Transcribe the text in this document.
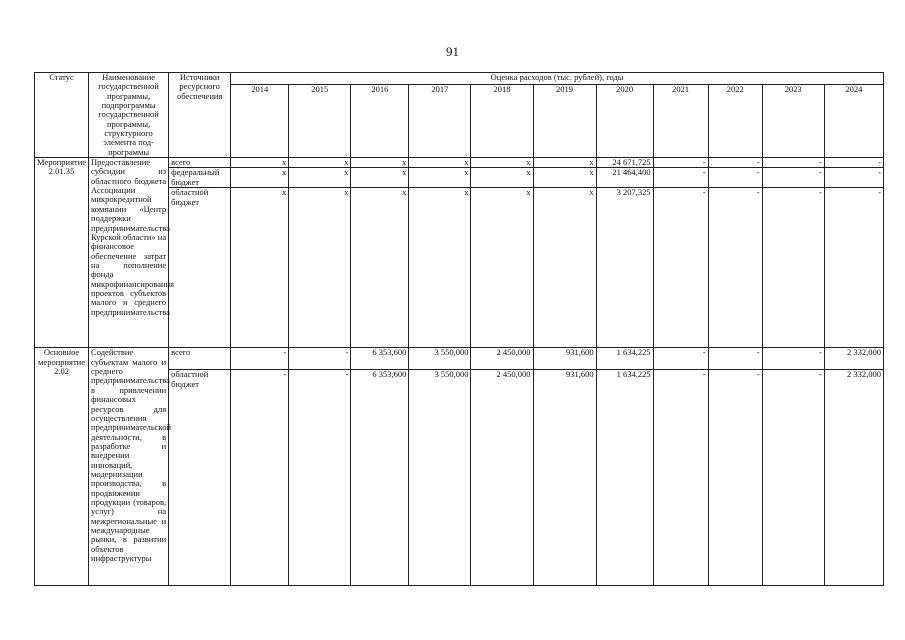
91
Статус	Наименование государственной программы, подпрограммы государственной программы, структурного элемента под-программы	Источники ресурсного обеспечения	Оценка расходов (тыс. рублей), годы										
			2014	2015	2016	2017	2018	2019	2020	2021	2022	2023	2024
Мероприятие 2.01.35	Предоставление субсидии из областного бюджета Ассоциации микрокредитной компании «Центр поддержки предпринимательства Курской области» на финансовое обеспечение затрат на пополнение фонда микрофинансирования проектов субъектов малого и среднего предпринимательства	всего	x	x	x	x	x	x	24 671,725	-	-	-	-
		федеральный бюджет	x	x	x	x	x	x	21 464,400	-	-	-	-
		областной бюджет	x	x	x	x	x	x	3 207,325	-	-	-	-
Основное мероприятие 2.02	Содействие субъектам малого и среднего предпринимательства в привлечении финансовых ресурсов для осуществления предпринимательской деятельности, в разработке и внедрении инноваций, модернизации производства, в продвижении продукции (товаров, услуг) на межрегиональные и международные рынки, в развитии объектов инфраструктуры	всего	-	-	6 353,600	3 550,000	2 450,000	931,600	1 634,225	-	-	-	2 332,000
		областной бюджет	-	-	6 353,600	3 550,000	2 450,000	931,600	1 634,225	-	-	-	2 332,000
